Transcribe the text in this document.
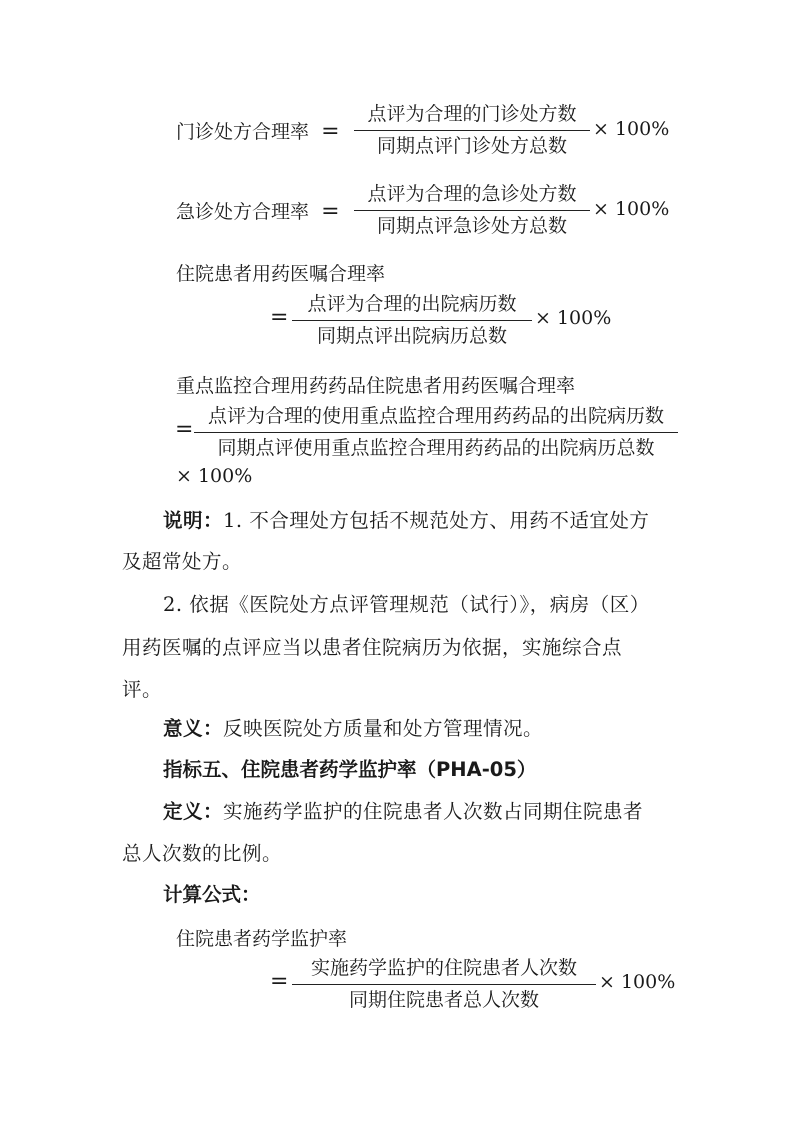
门诊处方合理率 =
点评为合理的门诊处方数
同期点评门诊处方总数
× 100%
急诊处方合理率 =
点评为合理的急诊处方数
同期点评急诊处方总数
× 100%
住院患者用药医嘱合理率
=
点评为合理的出院病历数
同期点评出院病历总数
× 100%
重点监控合理用药药品住院患者用药医嘱合理率
=
点评为合理的使用重点监控合理用药药品的出院病历数
同期点评使用重点监控合理用药药品的出院病历总数
× 100%
说明：1. 不合理处方包括不规范处方、用药不适宜处方
及超常处方。
2. 依据《医院处方点评管理规范（试行）》，病房（区）
用药医嘱的点评应当以患者住院病历为依据，实施综合点
评。
意义：反映医院处方质量和处方管理情况。
指标五、住院患者药学监护率（PHA-05）
定义：实施药学监护的住院患者人次数占同期住院患者
总人次数的比例。
计算公式：
住院患者药学监护率
=
实施药学监护的住院患者人次数
同期住院患者总人次数
× 100%
